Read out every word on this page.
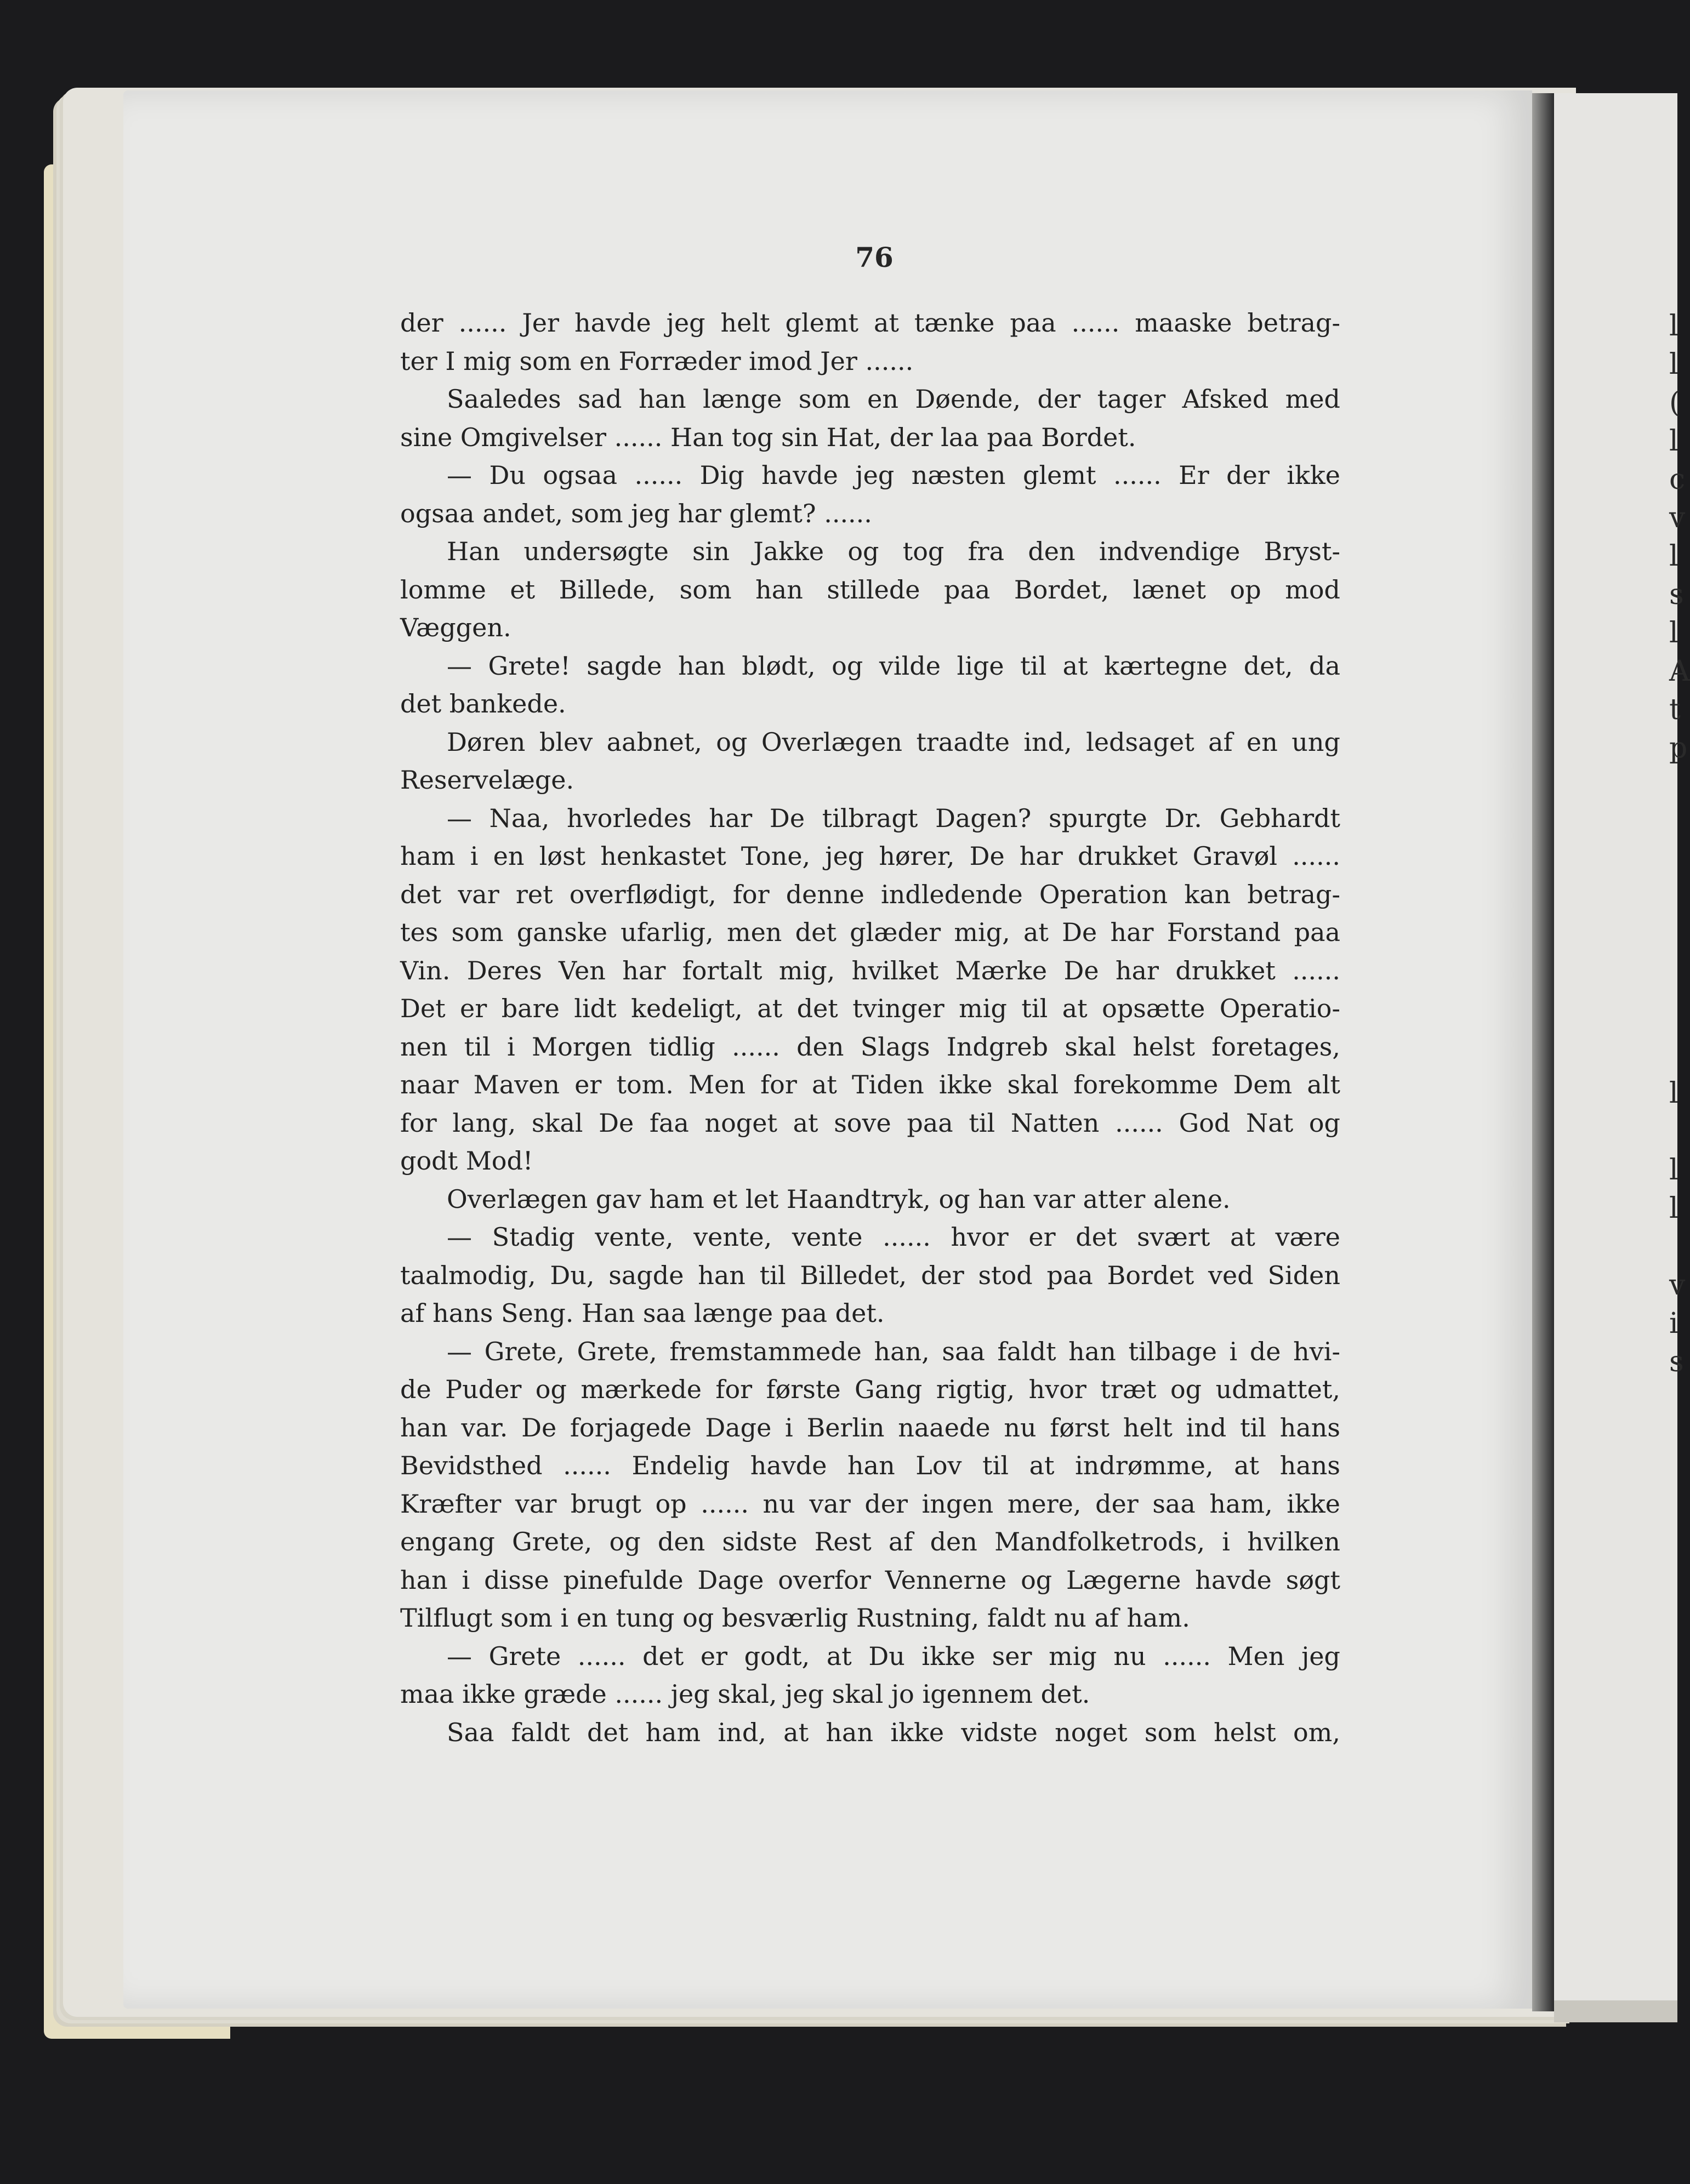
l
l
(
l
c
v
l
s
l
A
t
p

l

l
l

v
i
s
76
der ...... Jer havde jeg helt glemt at tænke paa ...... maaske betrag-
ter I mig som en Forræder imod Jer ......
Saaledes sad han længe som en Døende, der tager Afsked med
sine Omgivelser ...... Han tog sin Hat, der laa paa Bordet.
— Du ogsaa ...... Dig havde jeg næsten glemt ...... Er der ikke
ogsaa andet, som jeg har glemt? ......
Han undersøgte sin Jakke og tog fra den indvendige Bryst-
lomme et Billede, som han stillede paa Bordet, lænet op mod
Væggen.
— Grete! sagde han blødt, og vilde lige til at kærtegne det, da
det bankede.
Døren blev aabnet, og Overlægen traadte ind, ledsaget af en ung
Reservelæge.
— Naa, hvorledes har De tilbragt Dagen? spurgte Dr. Gebhardt
ham i en løst henkastet Tone, jeg hører, De har drukket Gravøl ......
det var ret overflødigt, for denne indledende Operation kan betrag-
tes som ganske ufarlig, men det glæder mig, at De har Forstand paa
Vin. Deres Ven har fortalt mig, hvilket Mærke De har drukket ......
Det er bare lidt kedeligt, at det tvinger mig til at opsætte Operatio-
nen til i Morgen tidlig ...... den Slags Indgreb skal helst foretages,
naar Maven er tom. Men for at Tiden ikke skal forekomme Dem alt
for lang, skal De faa noget at sove paa til Natten ...... God Nat og
godt Mod!
Overlægen gav ham et let Haandtryk, og han var atter alene.
— Stadig vente, vente, vente ...... hvor er det svært at være
taalmodig, Du, sagde han til Billedet, der stod paa Bordet ved Siden
af hans Seng. Han saa længe paa det.
— Grete, Grete, fremstammede han, saa faldt han tilbage i de hvi-
de Puder og mærkede for første Gang rigtig, hvor træt og udmattet,
han var. De forjagede Dage i Berlin naaede nu først helt ind til hans
Bevidsthed ...... Endelig havde han Lov til at indrømme, at hans
Kræfter var brugt op ...... nu var der ingen mere, der saa ham, ikke
engang Grete, og den sidste Rest af den Mandfolketrods, i hvilken
han i disse pinefulde Dage overfor Vennerne og Lægerne havde søgt
Tilflugt som i en tung og besværlig Rustning, faldt nu af ham.
— Grete ...... det er godt, at Du ikke ser mig nu ...... Men jeg
maa ikke græde ...... jeg skal, jeg skal jo igennem det.
Saa faldt det ham ind, at han ikke vidste noget som helst om,
